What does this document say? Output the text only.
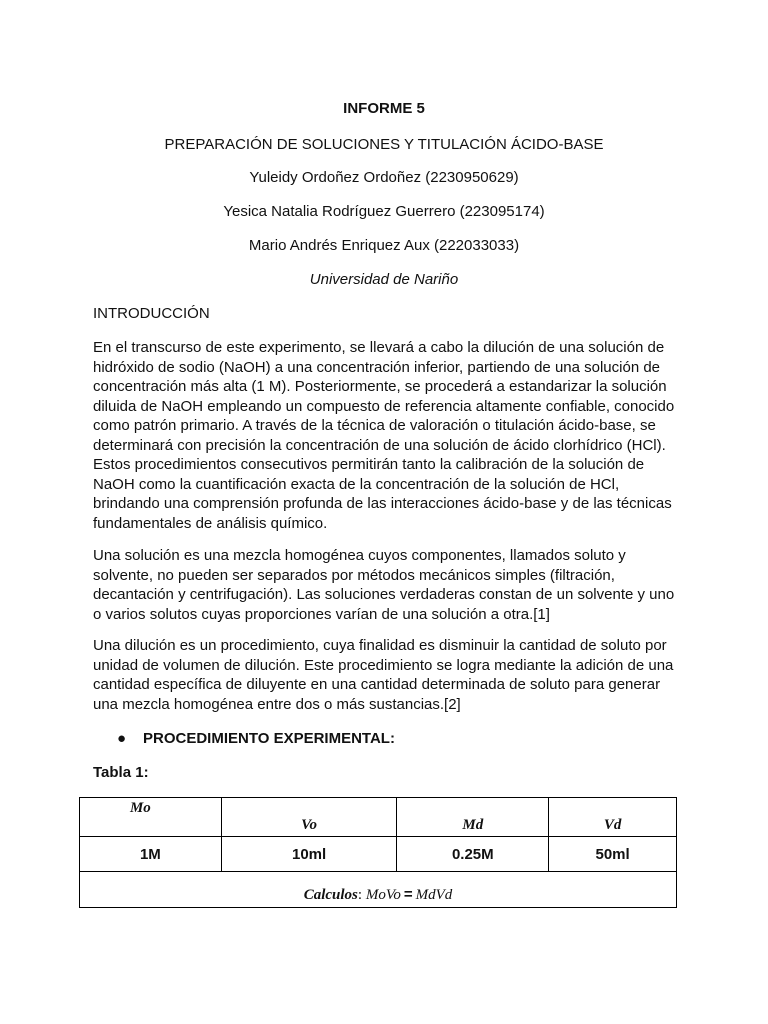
INFORME 5
PREPARACIÓN DE SOLUCIONES Y TITULACIÓN ÁCIDO-BASE
Yuleidy Ordoñez Ordoñez (2230950629)
Yesica Natalia Rodríguez Guerrero (223095174)
Mario Andrés Enriquez Aux (222033033)
Universidad de Nariño
INTRODUCCIÓN
En el transcurso de este experimento, se llevará a cabo la dilución de una solución de hidróxido de sodio (NaOH) a una concentración inferior, partiendo de una solución de concentración más alta (1 M). Posteriormente, se procederá a estandarizar la solución diluida de NaOH empleando un compuesto de referencia altamente confiable, conocido como patrón primario. A través de la técnica de valoración o titulación ácido-base, se determinará con precisión la concentración de una solución de ácido clorhídrico (HCl). Estos procedimientos consecutivos permitirán tanto la calibración de la solución de NaOH como la cuantificación exacta de la concentración de la solución de HCl, brindando una comprensión profunda de las interacciones ácido-base y de las técnicas fundamentales de análisis químico.
Una solución es una mezcla homogénea cuyos componentes, llamados soluto y solvente, no pueden ser separados por métodos mecánicos simples (filtración, decantación y centrifugación). Las soluciones verdaderas constan de un solvente y uno o varios solutos cuyas proporciones varían de una solución a otra.[1]
Una dilución es un procedimiento, cuya finalidad es disminuir la cantidad de soluto por unidad de volumen de dilución. Este procedimiento se logra mediante la adición de una cantidad específica de diluyente en una cantidad determinada de soluto para generar una mezcla homogénea entre dos o más sustancias.[2]
● PROCEDIMIENTO EXPERIMENTAL:
Tabla 1:
Mo	Vo	Md	Vd
1M	10ml	0.25M	50ml
Calculos: MoVo = MdVd			
